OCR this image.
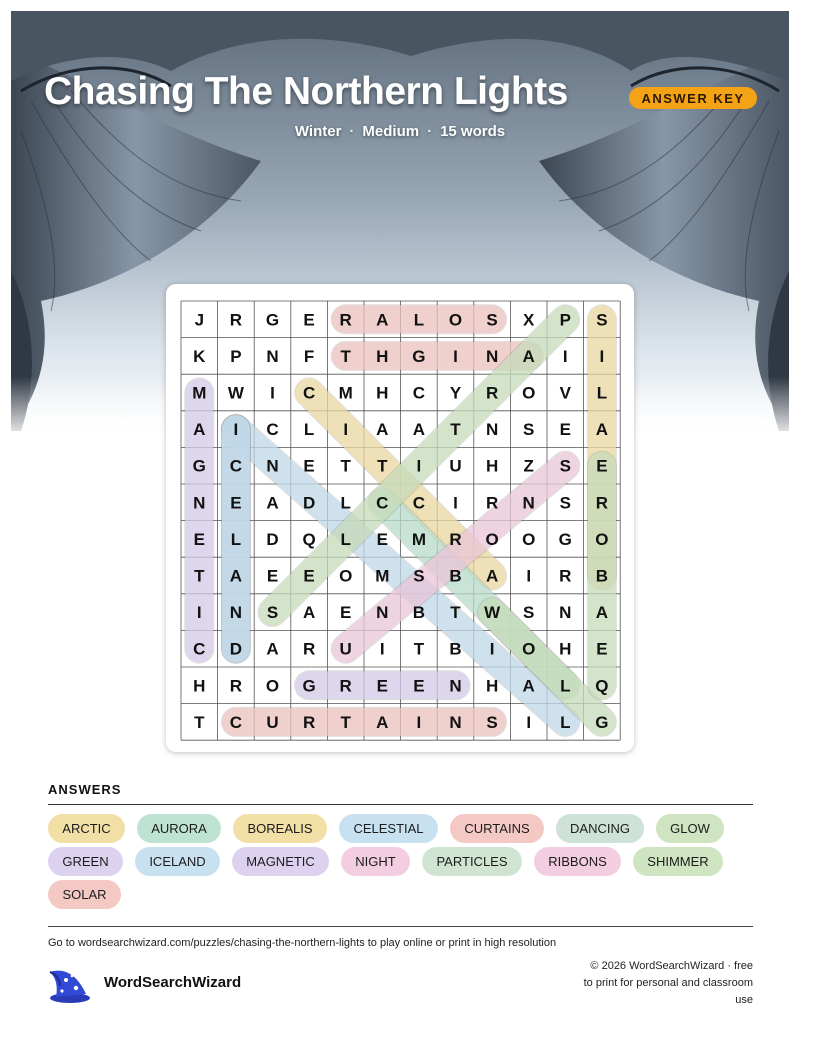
Chasing The Northern Lights	ANSWER KEY
Winter · Medium · 15 words
J R G E R A L O S X P S
K P N F T H G I N A I I
M W I C M H C Y R O V L
A I C L I A A T N S E A
G C N E T T I U H Z S E
N E A D L C C I R N S R
E L D Q L E M R O O G O
T A E E O M S B A I R B
I N S A E N B T W S N A
C D A R U I T B I O H E
H R O G R E E N H A L Q
T C U R T A I N S I L G
ANSWERS
ARCTIC	AURORA	BOREALIS	CELESTIAL	CURTAINS	DANCING	GLOW
GREEN	ICELAND	MAGNETIC	NIGHT	PARTICLES	RIBBONS	SHIMMER
SOLAR
Go to wordsearchwizard.com/puzzles/chasing-the-northern-lights to play online or print in high resolution
WordSearchWizard
© 2026 WordSearchWizard · free to print for personal and classroom use
